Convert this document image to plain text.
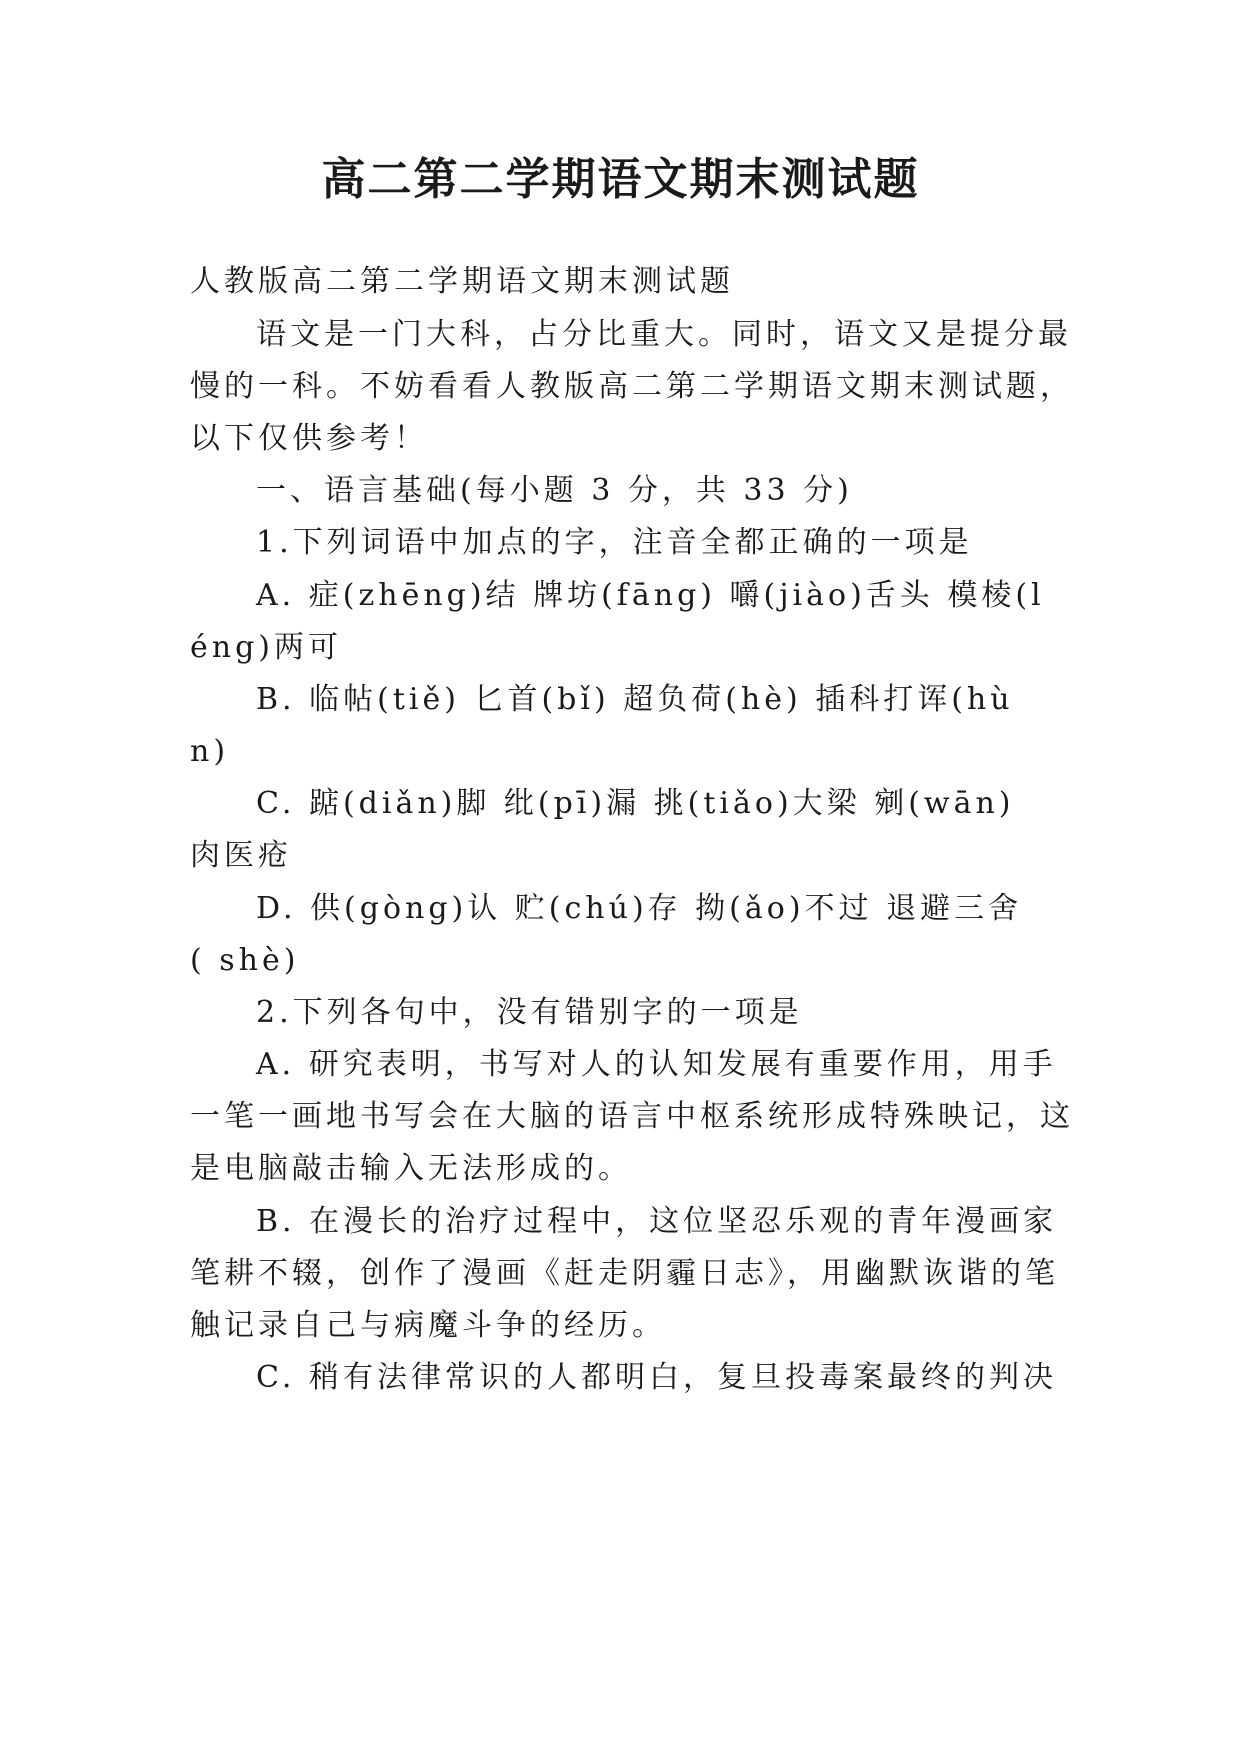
高二第二学期语文期末测试题

人教版高二第二学期语文期末测试题

语文是一门大科，占分比重大。同时，语文又是提分最

慢的一科。不妨看看人教版高二第二学期语文期末测试题，

以下仅供参考！

一、语言基础(每小题 3 分，共 33 分)

1.下列词语中加点的字，注音全都正确的一项是

A. 症(zhēng)结 牌坊(fāng) 嚼(jiào)舌头 模棱(l

éng)两可

B. 临帖(tiě) 匕首(bǐ) 超负荷(hè) 插科打诨(hù

n)

C. 踮(diǎn)脚 纰(pī)漏 挑(tiǎo)大梁 剜(wān)

肉医疮

D. 供(gòng)认 贮(chú)存 拗(ǎo)不过 退避三舍

( shè)

2.下列各句中，没有错别字的一项是

A. 研究表明，书写对人的认知发展有重要作用，用手

一笔一画地书写会在大脑的语言中枢系统形成特殊映记，这

是电脑敲击输入无法形成的。

B. 在漫长的治疗过程中，这位坚忍乐观的青年漫画家

笔耕不辍，创作了漫画《赶走阴霾日志》，用幽默诙谐的笔

触记录自己与病魔斗争的经历。

C. 稍有法律常识的人都明白，复旦投毒案最终的判决
